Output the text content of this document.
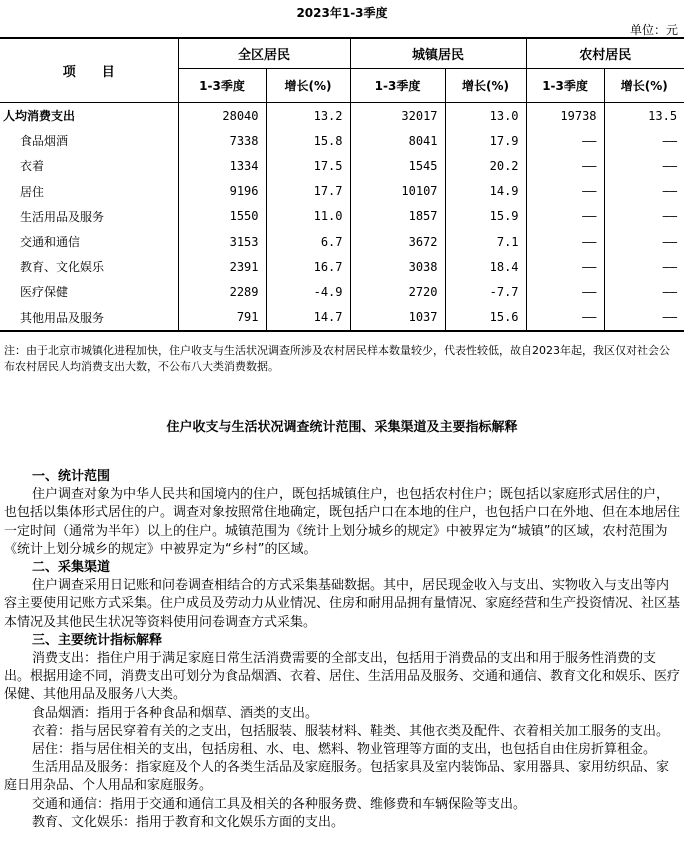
2023年1-3季度
单位：元
项　　目	全区居民		城镇居民		农村居民	
	1-3季度	增长(%)	1-3季度	增长(%)	1-3季度	增长(%)
人均消费支出	28040	13.2	32017	13.0	19738	13.5
食品烟酒	7338	15.8	8041	17.9	——	——
衣着	1334	17.5	1545	20.2	——	——
居住	9196	17.7	10107	14.9	——	——
生活用品及服务	1550	11.0	1857	15.9	——	——
交通和通信	3153	6.7	3672	7.1	——	——
教育、文化娱乐	2391	16.7	3038	18.4	——	——
医疗保健	2289	-4.9	2720	-7.7	——	——
其他用品及服务	791	14.7	1037	15.6	——	——
注：由于北京市城镇化进程加快，住户收支与生活状况调查所涉及农村居民样本数量较少，代表性较低，故自2023年起，我区仅对社会公布农村居民人均消费支出大数，不公布八大类消费数据。
住户收支与生活状况调查统计范围、采集渠道及主要指标解释

一、统计范围

住户调查对象为中华人民共和国境内的住户，既包括城镇住户，也包括农村住户；既包括以家庭形式居住的户，也包括以集体形式居住的户。调查对象按照常住地确定，既包括户口在本地的住户，也包括户口在外地、但在本地居住一定时间（通常为半年）以上的住户。城镇范围为《统计上划分城乡的规定》中被界定为“城镇”的区域，农村范围为《统计上划分城乡的规定》中被界定为“乡村”的区域。

二、采集渠道

住户调查采用日记账和问卷调查相结合的方式采集基础数据。其中，居民现金收入与支出、实物收入与支出等内容主要使用记账方式采集。住户成员及劳动力从业情况、住房和耐用品拥有量情况、家庭经营和生产投资情况、社区基本情况及其他民生状况等资料使用问卷调查方式采集。

三、主要统计指标解释

消费支出：指住户用于满足家庭日常生活消费需要的全部支出，包括用于消费品的支出和用于服务性消费的支出。根据用途不同，消费支出可划分为食品烟酒、衣着、居住、生活用品及服务、交通和通信、教育文化和娱乐、医疗保健、其他用品及服务八大类。

食品烟酒：指用于各种食品和烟草、酒类的支出。

衣着：指与居民穿着有关的之支出，包括服装、服装材料、鞋类、其他衣类及配件、衣着相关加工服务的支出。

居住：指与居住相关的支出，包括房租、水、电、燃料、物业管理等方面的支出，也包括自由住房折算租金。

生活用品及服务：指家庭及个人的各类生活品及家庭服务。包括家具及室内装饰品、家用器具、家用纺织品、家庭日用杂品、个人用品和家庭服务。

交通和通信：指用于交通和通信工具及相关的各种服务费、维修费和车辆保险等支出。

教育、文化娱乐：指用于教育和文化娱乐方面的支出。
